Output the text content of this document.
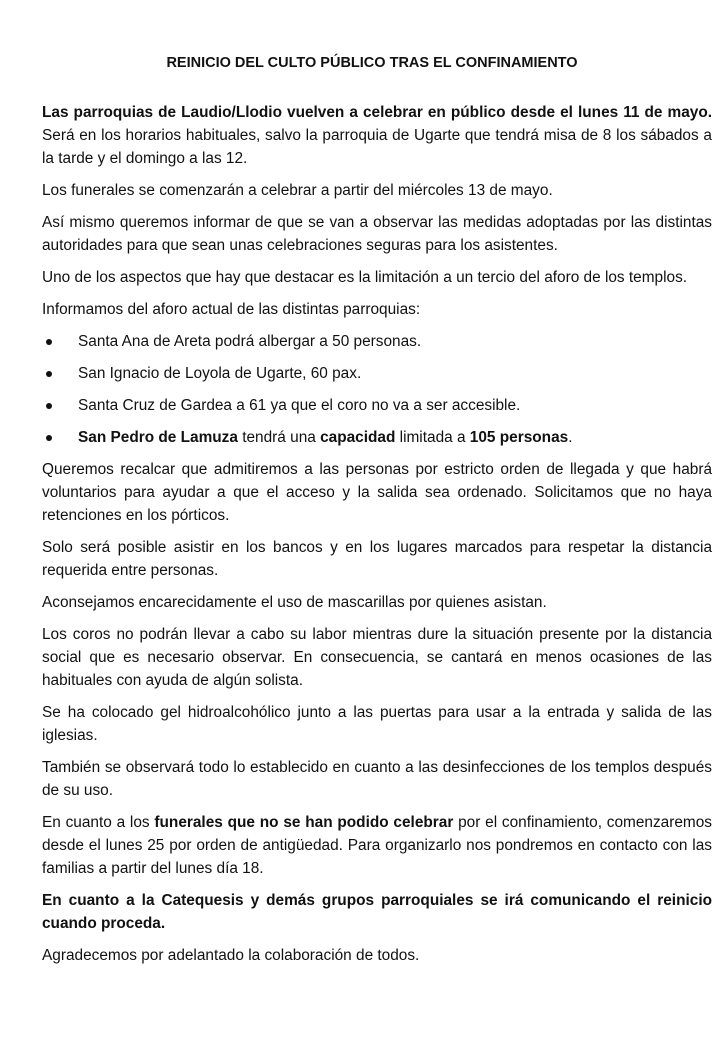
REINICIO DEL CULTO PÚBLICO TRAS EL CONFINAMIENTO

Las parroquias de Laudio/Llodio vuelven a celebrar en público desde el lunes 11 de mayo. Será en los horarios habituales, salvo la parroquia de Ugarte que tendrá misa de 8 los sábados a la tarde y el domingo a las 12.

Los funerales se comenzarán a celebrar a partir del miércoles 13 de mayo.

Así mismo queremos informar de que se van a observar las medidas adoptadas por las distintas autoridades para que sean unas celebraciones seguras para los asistentes.

Uno de los aspectos que hay que destacar es la limitación a un tercio del aforo de los templos.

Informamos del aforo actual de las distintas parroquias:

Santa Ana de Areta podrá albergar a 50 personas.
San Ignacio de Loyola de Ugarte, 60 pax.
Santa Cruz de Gardea a 61 ya que el coro no va a ser accesible.
San Pedro de Lamuza tendrá una capacidad limitada a 105 personas.

Queremos recalcar que admitiremos a las personas por estricto orden de llegada y que habrá voluntarios para ayudar a que el acceso y la salida sea ordenado. Solicitamos que no haya retenciones en los pórticos.

Solo será posible asistir en los bancos y en los lugares marcados para respetar la distancia requerida entre personas.

Aconsejamos encarecidamente el uso de mascarillas por quienes asistan.

Los coros no podrán llevar a cabo su labor mientras dure la situación presente por la distancia social que es necesario observar. En consecuencia, se cantará en menos ocasiones de las habituales con ayuda de algún solista.

Se ha colocado gel hidroalcohólico junto a las puertas para usar a la entrada y salida de las iglesias.

También se observará todo lo establecido en cuanto a las desinfecciones de los templos después de su uso.

En cuanto a los funerales que no se han podido celebrar por el confinamiento, comenzaremos desde el lunes 25 por orden de antigüedad. Para organizarlo nos pondremos en contacto con las familias a partir del lunes día 18.

En cuanto a la Catequesis y demás grupos parroquiales se irá comunicando el reinicio cuando proceda.

Agradecemos por adelantado la colaboración de todos.
